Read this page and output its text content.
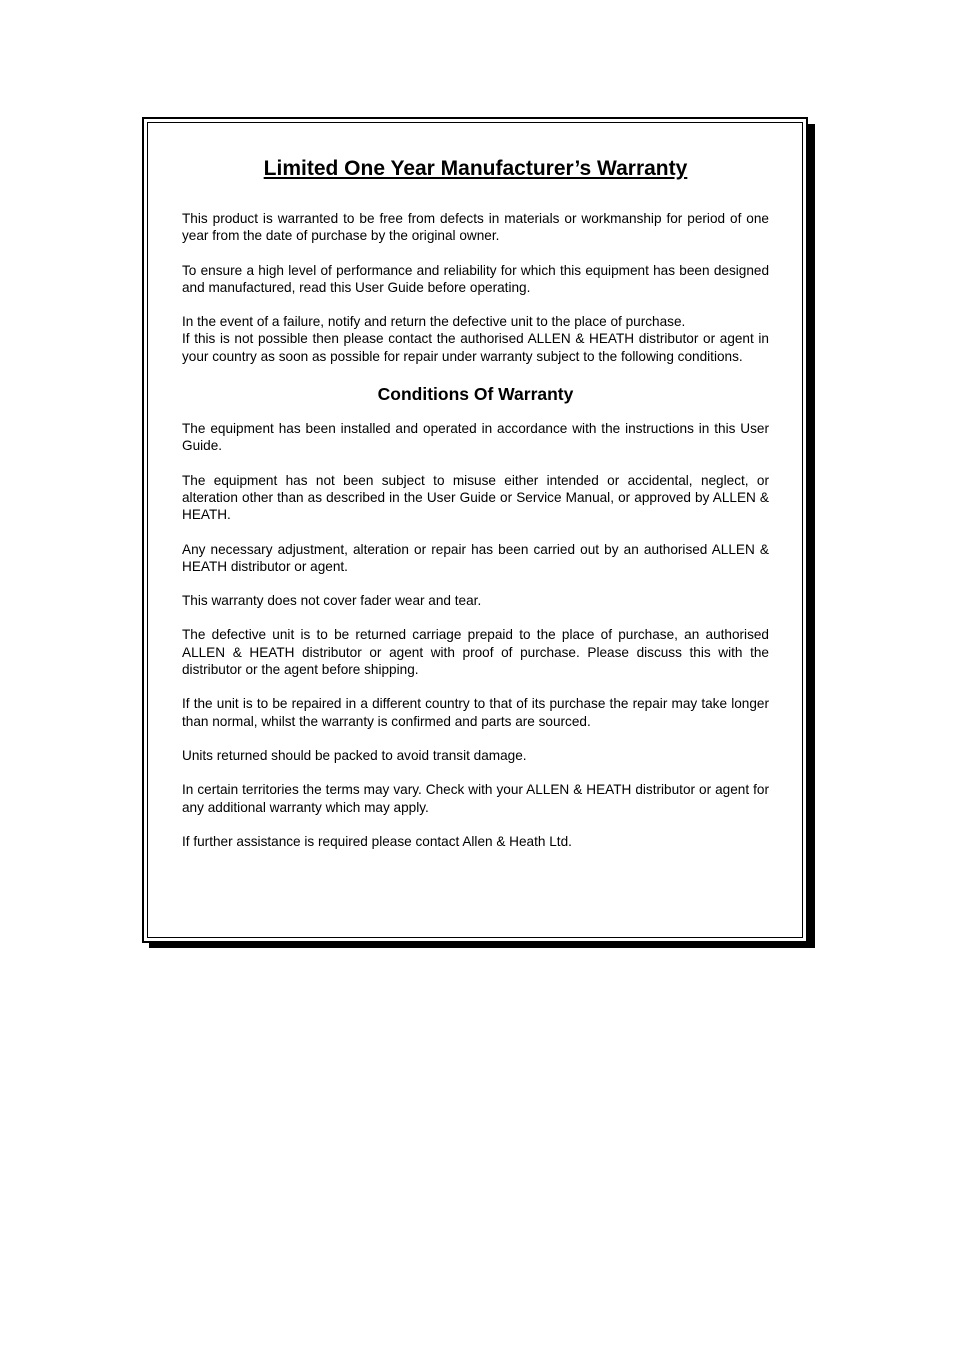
Limited One Year Manufacturer’s Warranty

This product is warranted to be free from defects in materials or workmanship for period of one year from the date of purchase by the original owner.

To ensure a high level of performance and reliability for which this equipment has been designed and manufactured, read this User Guide before operating.

In the event of a failure, notify and return the defective unit to the place of purchase.

If this is not possible then please contact the authorised ALLEN & HEATH distributor or agent in your country as soon as possible for repair under warranty subject to the following conditions.

Conditions Of Warranty

The equipment has been installed and operated in accordance with the instructions in this User Guide.

The equipment has not been subject to misuse either intended or accidental, neglect, or alteration other than as described in the User Guide or Service Manual, or approved by ALLEN & HEATH.

Any necessary adjustment, alteration or repair has been carried out by an authorised ALLEN & HEATH distributor or agent.

This warranty does not cover fader wear and tear.

The defective unit is to be returned carriage prepaid to the place of purchase, an authorised ALLEN & HEATH distributor or agent with proof of purchase. Please discuss this with the distributor or the agent before shipping.

If the unit is to be repaired in a different country to that of its purchase the repair may take longer than normal, whilst the warranty is confirmed and parts are sourced.

Units returned should be packed to avoid transit damage.

In certain territories the terms may vary. Check with your ALLEN & HEATH distributor or agent for any additional warranty which may apply.

If further assistance is required please contact Allen & Heath Ltd.
